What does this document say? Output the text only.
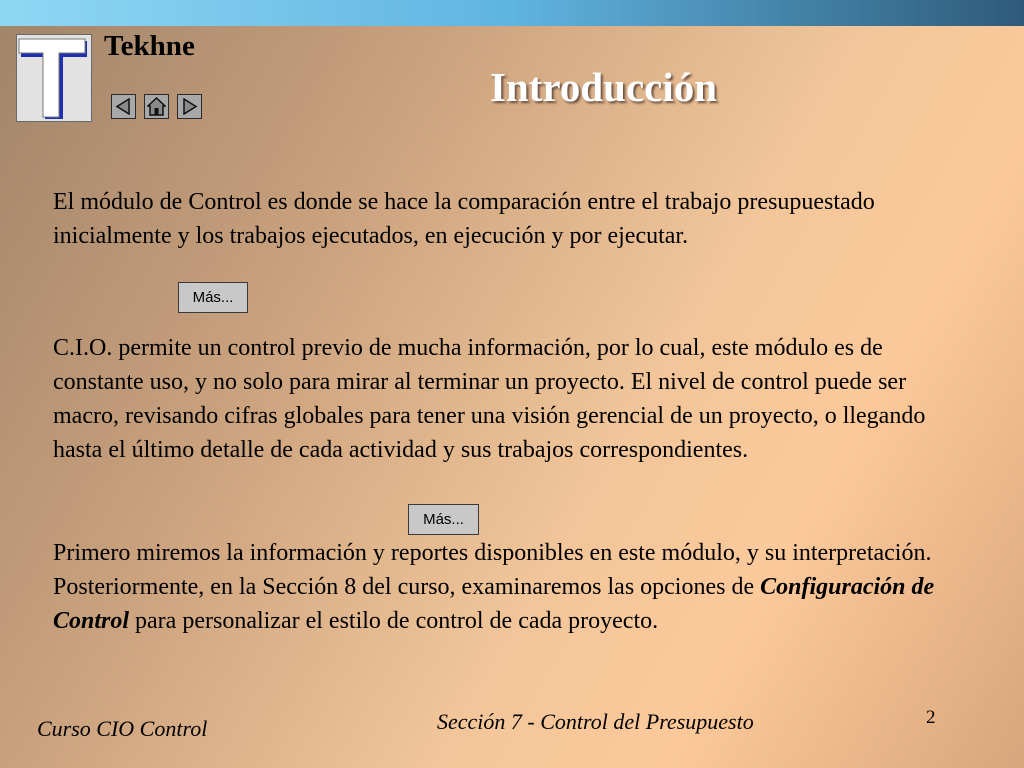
Tekhne
Introducción
El módulo de Control es donde se hace la comparación entre el trabajo presupuestado inicialmente y los trabajos ejecutados, en ejecución y por ejecutar.
Más...
C.I.O. permite un control previo de mucha información, por lo cual, este módulo es de constante uso, y no solo para mirar al terminar un proyecto. El nivel de control puede ser macro, revisando cifras globales para tener una visión gerencial de un proyecto, o llegando hasta el último detalle de cada actividad y sus trabajos correspondientes.
Más...
Primero miremos la información y reportes disponibles en este módulo, y su interpretación. Posteriormente, en la Sección 8 del curso, examinaremos las opciones de Configuración de Control para personalizar el estilo de control de cada proyecto.
Curso CIO Control	Sección 7 - Control del Presupuesto	2
